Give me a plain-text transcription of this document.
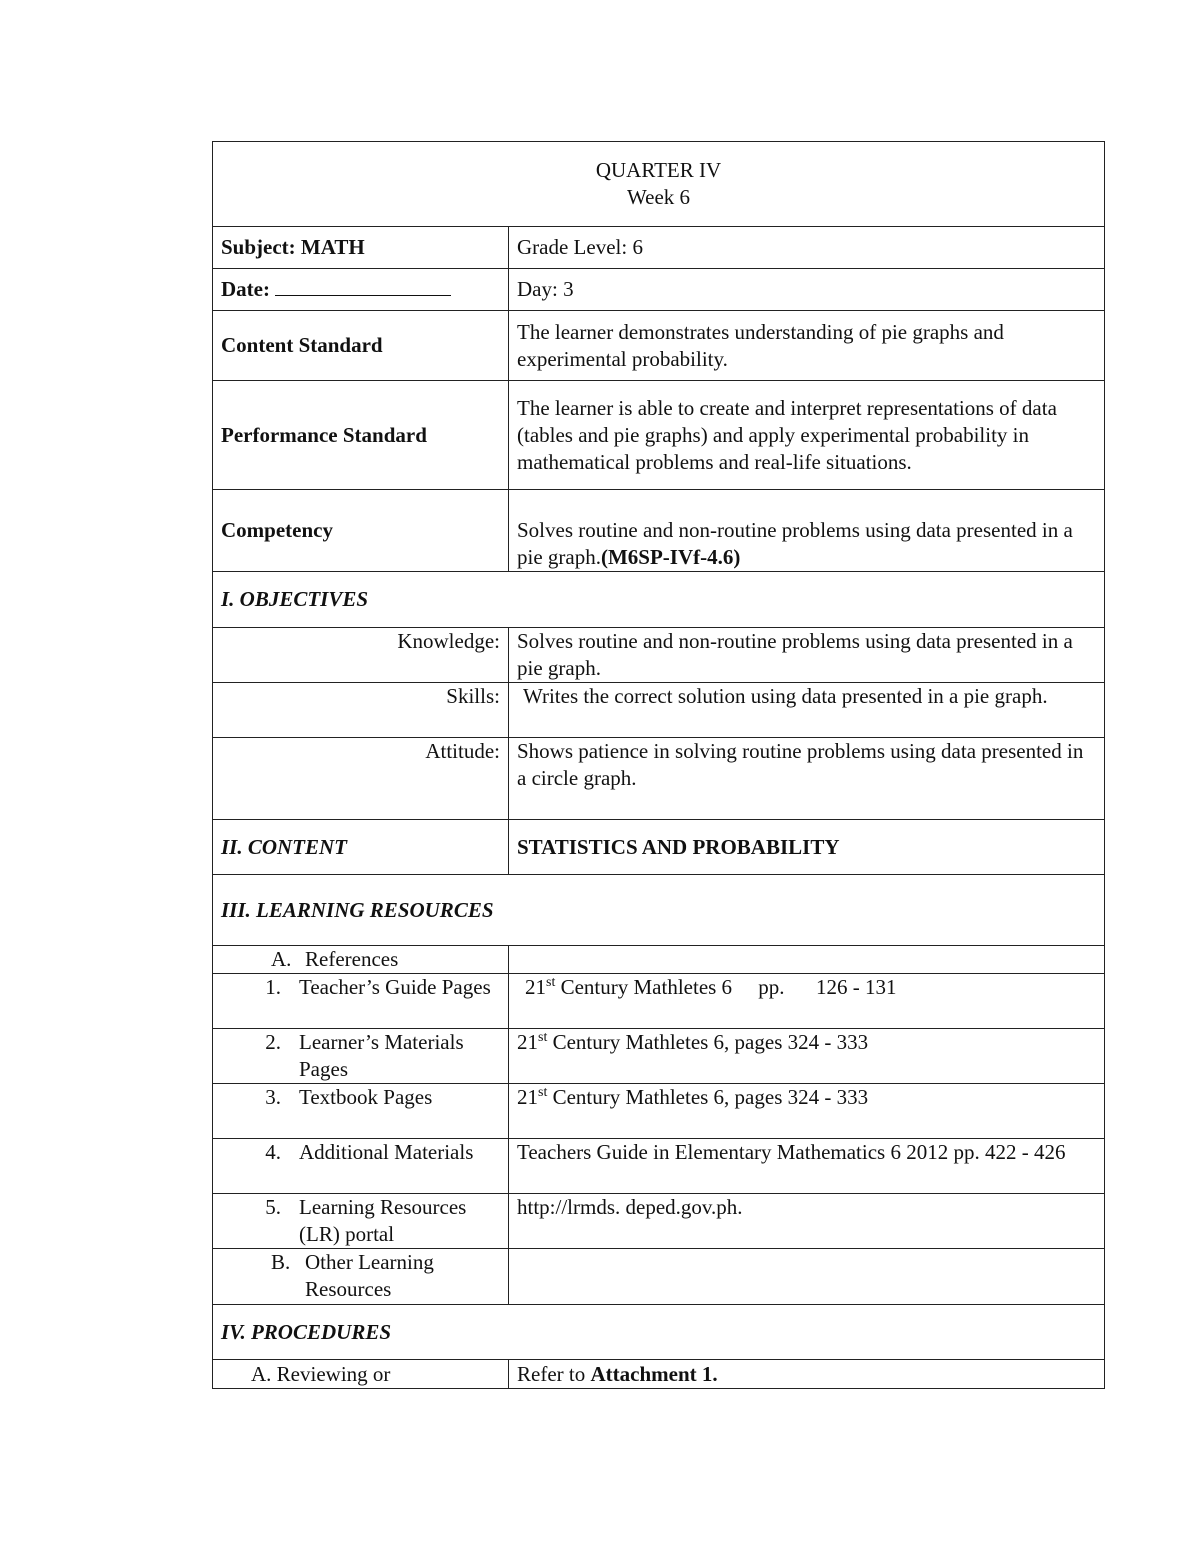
QUARTER IV
Week 6	

Subject: MATH	Grade Level: 6
Date:	Day: 3
Content Standard	The learner demonstrates understanding of pie graphs and experimental probability.
Performance Standard	The learner is able to create and interpret representations of data (tables and pie graphs) and apply experimental probability in mathematical problems and real-life situations.
Competency	Solves routine and non-routine problems using data presented in a pie graph.(M6SP-IVf-4.6)
I. OBJECTIVES	
Knowledge:	Solves routine and non-routine problems using data presented in a pie graph.
Skills:	Writes the correct solution using data presented in a pie graph.
Attitude:	Shows patience in solving routine problems using data presented in a circle graph.
II. CONTENT	STATISTICS AND PROBABILITY
III. LEARNING RESOURCES	

A. References	

1. Teacher’s Guide Pages	21st Century Mathletes 6     pp.      126 - 131

2. Learner’s Materials Pages	21st Century Mathletes 6, pages 324 - 333

3. Textbook Pages	21st Century Mathletes 6, pages 324 - 333

4. Additional Materials	Teachers Guide in Elementary Mathematics 6 2012 pp. 422 - 426

5. Learning Resources (LR) portal	http://lrmds. deped.gov.ph.

B. Other Learning Resources	

IV. PROCEDURES	
A. Reviewing or	Refer to Attachment 1.
